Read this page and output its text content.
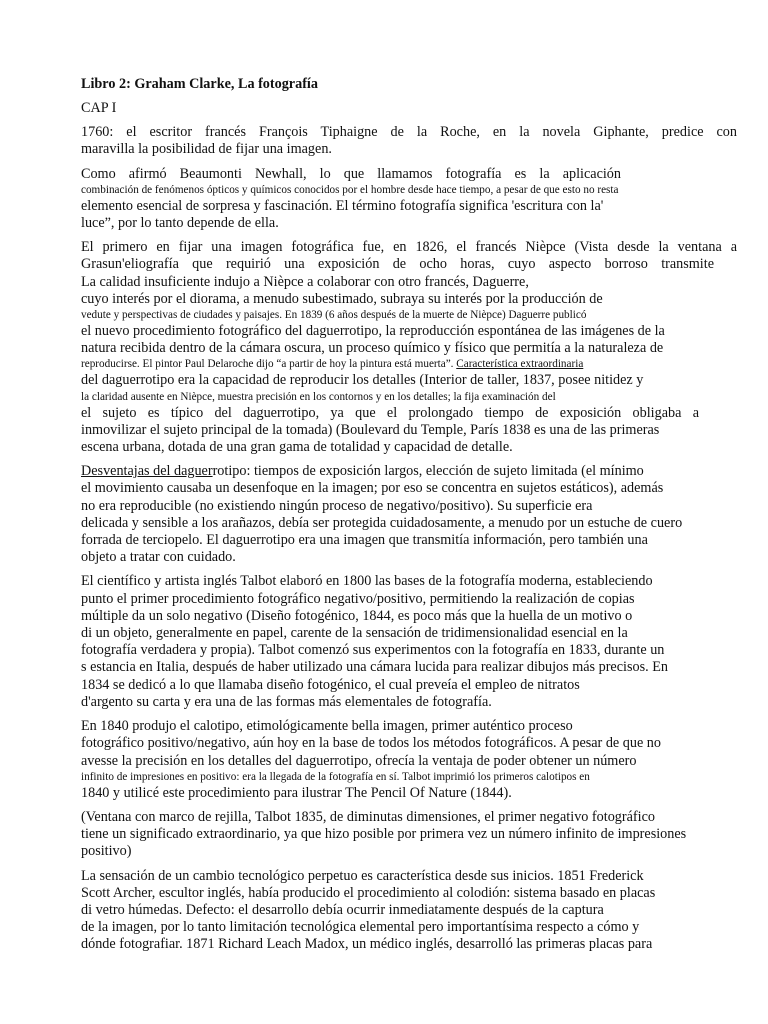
Libro 2: Graham Clarke, La fotografía
CAP I
1760: el escritor francés François Tiphaigne de la Roche, en la novela Giphante, predice con
maravilla la posibilidad de fijar una imagen.
Como afirmó Beaumonti Newhall, lo que llamamos fotografía es la aplicación
combinación de fenómenos ópticos y químicos conocidos por el hombre desde hace tiempo, a pesar de que esto no resta
elemento esencial de sorpresa y fascinación. El término fotografía significa 'escritura con la'
luce”, por lo tanto depende de ella.
El primero en fijar una imagen fotográfica fue, en 1826, el francés Nièpce (Vista desde la ventana a
Grasun'eliografía que requirió una exposición de ocho horas, cuyo aspecto borroso transmite
La calidad insuficiente indujo a Nièpce a colaborar con otro francés, Daguerre,
cuyo interés por el diorama, a menudo subestimado, subraya su interés por la producción de
vedute y perspectivas de ciudades y paisajes. En 1839 (6 años después de la muerte de Nièpce) Daguerre publicó
el nuevo procedimiento fotográfico del daguerrotipo, la reproducción espontánea de las imágenes de la
natura recibida dentro de la cámara oscura, un proceso químico y físico que permitía a la naturaleza de
reproducirse. El pintor Paul Delaroche dijo “a partir de hoy la pintura está muerta”. Característica extraordinaria
del daguerrotipo era la capacidad de reproducir los detalles (Interior de taller, 1837, posee nitidez y
la claridad ausente en Nièpce, muestra precisión en los contornos y en los detalles; la fija examinación del
el sujeto es típico del daguerrotipo, ya que el prolongado tiempo de exposición obligaba a
inmovilizar el sujeto principal de la tomada) (Boulevard du Temple, París 1838 es una de las primeras
escena urbana, dotada de una gran gama de totalidad y capacidad de detalle.
Desventajas del daguerrotipo: tiempos de exposición largos, elección de sujeto limitada (el mínimo
el movimiento causaba un desenfoque en la imagen; por eso se concentra en sujetos estáticos), además
no era reproducible (no existiendo ningún proceso de negativo/positivo). Su superficie era
delicada y sensible a los arañazos, debía ser protegida cuidadosamente, a menudo por un estuche de cuero
forrada de terciopelo. El daguerrotipo era una imagen que transmitía información, pero también una
objeto a tratar con cuidado.
El científico y artista inglés Talbot elaboró en 1800 las bases de la fotografía moderna, estableciendo
punto el primer procedimiento fotográfico negativo/positivo, permitiendo la realización de copias
múltiple da un solo negativo (Diseño fotogénico, 1844, es poco más que la huella de un motivo o
di un objeto, generalmente en papel, carente de la sensación de tridimensionalidad esencial en la
fotografía verdadera y propia). Talbot comenzó sus experimentos con la fotografía en 1833, durante un
s estancia en Italia, después de haber utilizado una cámara lucida para realizar dibujos más precisos. En
1834 se dedicó a lo que llamaba diseño fotogénico, el cual preveía el empleo de nitratos
d'argento su carta y era una de las formas más elementales de fotografía.
En 1840 produjo el calotipo, etimológicamente bella imagen, primer auténtico proceso
fotográfico positivo/negativo, aún hoy en la base de todos los métodos fotográficos. A pesar de que no
avesse la precisión en los detalles del daguerrotipo, ofrecía la ventaja de poder obtener un número
infinito de impresiones en positivo: era la llegada de la fotografía en sí. Talbot imprimió los primeros calotipos en
1840 y utilicé este procedimiento para ilustrar The Pencil Of Nature (1844).
(Ventana con marco de rejilla, Talbot 1835, de diminutas dimensiones, el primer negativo fotográfico
tiene un significado extraordinario, ya que hizo posible por primera vez un número infinito de impresiones
positivo)
La sensación de un cambio tecnológico perpetuo es característica desde sus inicios. 1851 Frederick
Scott Archer, escultor inglés, había producido el procedimiento al colodión: sistema basado en placas
di vetro húmedas. Defecto: el desarrollo debía ocurrir inmediatamente después de la captura
de la imagen, por lo tanto limitación tecnológica elemental pero importantísima respecto a cómo y
dónde fotografiar. 1871 Richard Leach Madox, un médico inglés, desarrolló las primeras placas para
